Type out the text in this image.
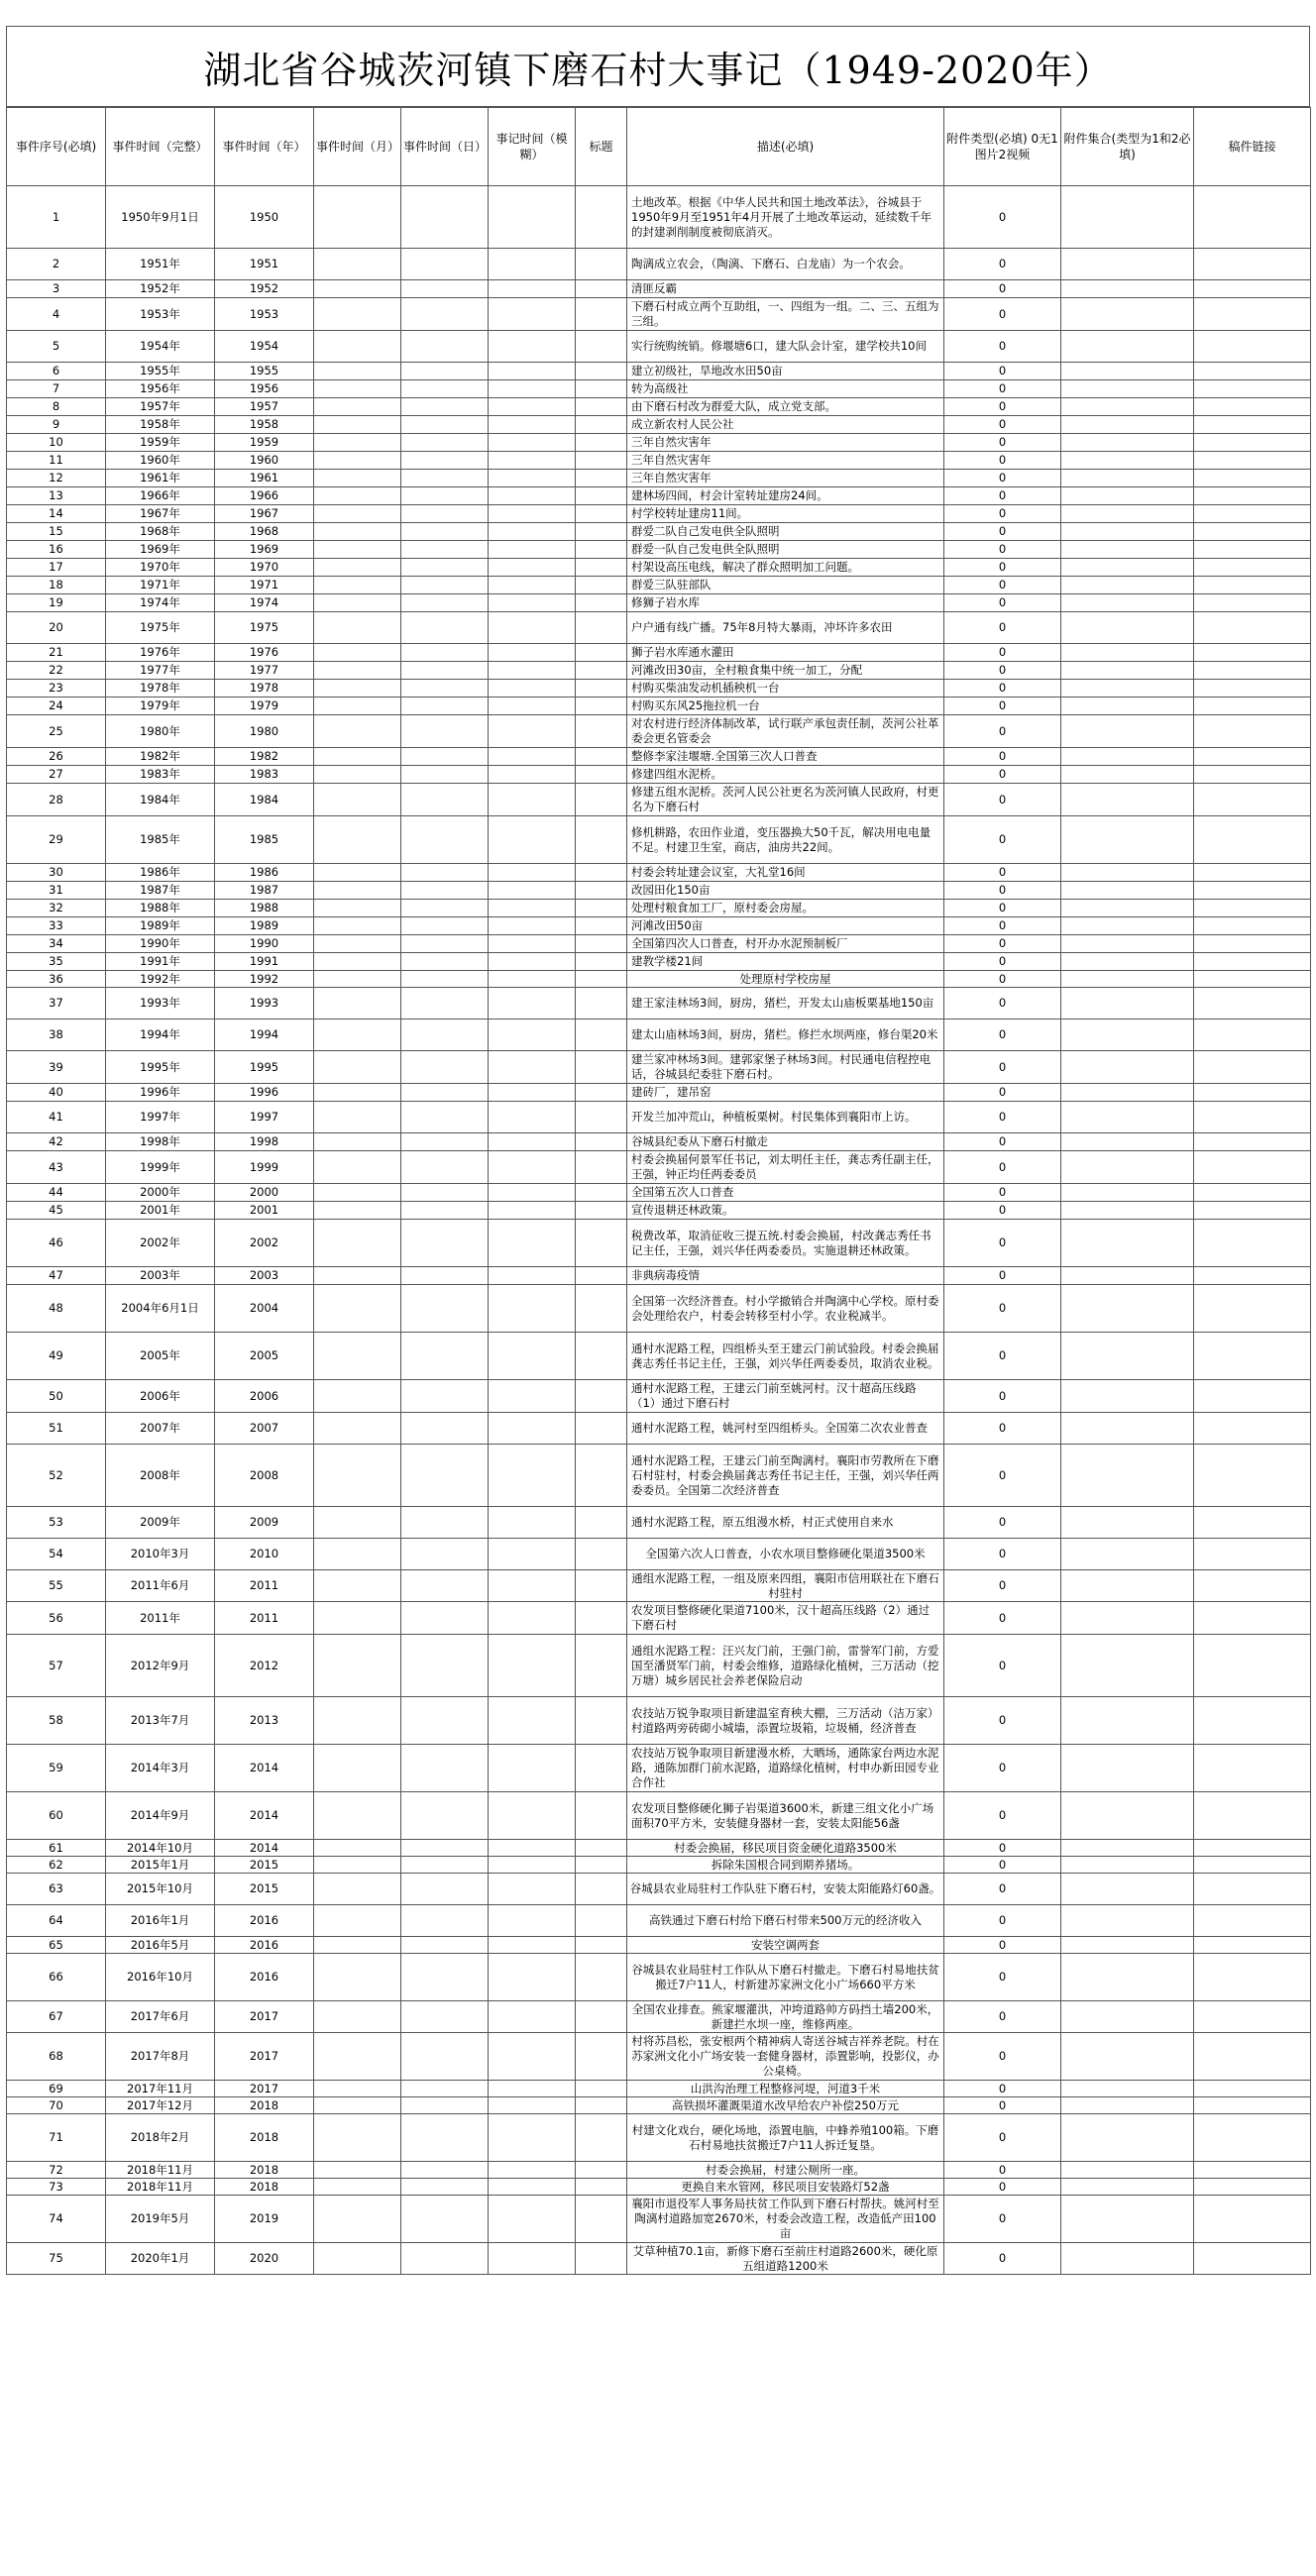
湖北省谷城茨河镇下磨石村大事记（1949-2020年）
事件序号(必填)	事件时间（完整）	事件时间（年）	事件时间（月）	事件时间（日）	事记时间（模糊）	标题	描述(必填)	附件类型(必填) 0无1图片2视频	附件集合(类型为1和2必填)	稿件链接
1	1950年9月1日	1950					土地改革。根据《中华人民共和国土地改革法》，谷城县于1950年9月至1951年4月开展了土地改革运动，延续数千年的封建剥削制度被彻底消灭。	0		
2	1951年	1951					陶漓成立农会，（陶漓、下磨石、白龙庙）为一个农会。	0		
3	1952年	1952					清匪反霸	0		
4	1953年	1953					下磨石村成立两个互助组，一、四组为一组。二、三、五组为三组。	0		
5	1954年	1954					实行统购统销。修堰塘6口，建大队会计室，建学校共10间	0		
6	1955年	1955					建立初级社，旱地改水田50亩	0		
7	1956年	1956					转为高级社	0		
8	1957年	1957					由下磨石村改为群爱大队，成立党支部。	0		
9	1958年	1958					成立新农村人民公社	0		
10	1959年	1959					三年自然灾害年	0		
11	1960年	1960					三年自然灾害年	0		
12	1961年	1961					三年自然灾害年	0		
13	1966年	1966					建林场四间，村会计室转址建房24间。	0		
14	1967年	1967					村学校转址建房11间。	0		
15	1968年	1968					群爱二队自己发电供全队照明	0		
16	1969年	1969					群爱一队自己发电供全队照明	0		
17	1970年	1970					村架设高压电线，解决了群众照明加工问题。	0		
18	1971年	1971					群爱三队驻部队	0		
19	1974年	1974					修狮子岩水库	0		
20	1975年	1975					户户通有线广播。75年8月特大暴雨，冲坏许多农田	0		
21	1976年	1976					狮子岩水库通水灌田	0		
22	1977年	1977					河滩改田30亩，全村粮食集中统一加工，分配	0		
23	1978年	1978					村购买柴油发动机插秧机一台	0		
24	1979年	1979					村购买东风25拖拉机一台	0		
25	1980年	1980					对农村进行经济体制改革，试行联产承包责任制，茨河公社革委会更名管委会	0		
26	1982年	1982					整修李家洼堰塘.全国第三次人口普查	0		
27	1983年	1983					修建四组水泥桥。	0		
28	1984年	1984					修建五组水泥桥。茨河人民公社更名为茨河镇人民政府，村更名为下磨石村	0		
29	1985年	1985					修机耕路，农田作业道，变压器换大50千瓦，解决用电电量不足。村建卫生室，商店，油房共22间。	0		
30	1986年	1986					村委会转址建会议室，大礼堂16间	0		
31	1987年	1987					改园田化150亩	0		
32	1988年	1988					处理村粮食加工厂，原村委会房屋。	0		
33	1989年	1989					河滩改田50亩	0		
34	1990年	1990					全国第四次人口普查，村开办水泥预制板厂	0		
35	1991年	1991					建教学楼21间	0		
36	1992年	1992					处理原村学校房屋	0		
37	1993年	1993					建王家洼林场3间，厨房，猪栏，开发太山庙板栗基地150亩	0		
38	1994年	1994					建太山庙林场3间，厨房，猪栏。修拦水坝两座，修台渠20米	0		
39	1995年	1995					建兰家冲林场3间。建郭家堡子林场3间。村民通电信程控电话，谷城县纪委驻下磨石村。	0		
40	1996年	1996					建砖厂，建吊窑	0		
41	1997年	1997					开发兰加冲荒山，种植板栗树。村民集体到襄阳市上访。	0		
42	1998年	1998					谷城县纪委从下磨石村撤走	0		
43	1999年	1999					村委会换届何景军任书记，刘太明任主任，龚志秀任副主任，王强，钟正均任两委委员	0		
44	2000年	2000					全国第五次人口普查	0		
45	2001年	2001					宣传退耕还林政策。	0		
46	2002年	2002					税费改革，取消征收三提五统.村委会换届，村改龚志秀任书记主任，王强，刘兴华任两委委员。实施退耕还林政策。	0		
47	2003年	2003					非典病毒疫情	0		
48	2004年6月1日	2004					全国第一次经济普查。村小学撤销合并陶漓中心学校。原村委会处理给农户，村委会转移至村小学。农业税减半。	0		
49	2005年	2005					通村水泥路工程，四组桥头至王建云门前试验段。村委会换届龚志秀任书记主任，王强，刘兴华任两委委员，取消农业税。	0		
50	2006年	2006					通村水泥路工程，王建云门前至姚河村。汉十超高压线路（1）通过下磨石村	0		
51	2007年	2007					通村水泥路工程，姚河村至四组桥头。全国第二次农业普查	0		
52	2008年	2008					通村水泥路工程，王建云门前至陶漓村。襄阳市劳教所在下磨石村驻村，村委会换届龚志秀任书记主任，王强，刘兴华任两委委员。全国第二次经济普查	0		
53	2009年	2009					通村水泥路工程，原五组漫水桥，村正式使用自来水	0		
54	2010年3月	2010					全国第六次人口普查，小农水项目整修硬化渠道3500米	0		
55	2011年6月	2011					通组水泥路工程，一组及原来四组，襄阳市信用联社在下磨石村驻村	0		
56	2011年	2011					农发项目整修硬化渠道7100米，汉十超高压线路（2）通过下磨石村	0		
57	2012年9月	2012					通组水泥路工程：汪兴友门前，王强门前，雷誉军门前，方爱国至潘贤军门前，村委会维修，道路绿化植树，三万活动（挖万塘）城乡居民社会养老保险启动	0		
58	2013年7月	2013					农技站万锐争取项目新建温室育秧大棚，三万活动（洁万家）村道路两旁砖砌小城墙，添置垃圾箱，垃圾桶，经济普查	0		
59	2014年3月	2014					农技站万锐争取项目新建漫水桥，大晒场，通陈家台两边水泥路，通陈加群门前水泥路，道路绿化植树，村申办新田园专业合作社	0		
60	2014年9月	2014					农发项目整修硬化狮子岩渠道3600米，新建三组文化小广场面积70平方米，安装健身器材一套，安装太阳能56盏	0		
61	2014年10月	2014					村委会换届，移民项目资金硬化道路3500米	0		
62	2015年1月	2015					拆除朱国根合同到期养猪场。	0		
63	2015年10月	2015					谷城县农业局驻村工作队驻下磨石村，安装太阳能路灯60盏。	0		
64	2016年1月	2016					高铁通过下磨石村给下磨石村带来500万元的经济收入	0		
65	2016年5月	2016					安装空调两套	0		
66	2016年10月	2016					谷城县农业局驻村工作队从下磨石村撤走。下磨石村易地扶贫搬迁7户11人，村新建苏家洲文化小广场660平方米	0		
67	2017年6月	2017					全国农业排查。熊家堰灌洪，冲垮道路帅方码挡土墙200米，新建拦水坝一座，维修两座。	0		
68	2017年8月	2017					村将苏昌松，张安根两个精神病人寄送谷城吉祥养老院。村在苏家洲文化小广场安装一套健身器材，添置影响，投影仪，办公桌椅。	0		
69	2017年11月	2017					山洪沟治理工程整修河堤，河道3千米	0		
70	2017年12月	2018					高铁损坏灌溉渠道水改早给农户补偿250万元	0		
71	2018年2月	2018					村建文化戏台，硬化场地，添置电脑，中蜂养殖100箱。下磨石村易地扶贫搬迁7户11人拆迁复垦。	0		
72	2018年11月	2018					村委会换届，村建公厕所一座。	0		
73	2018年11月	2018					更换自来水管网，移民项目安装路灯52盏	0		
74	2019年5月	2019					襄阳市退役军人事务局扶贫工作队到下磨石村帮扶。姚河村至陶漓村道路加宽2670米，村委会改造工程，改造低产田100亩	0		
75	2020年1月	2020					艾草种植70.1亩，新修下磨石至前庄村道路2600米，硬化原五组道路1200米	0		
